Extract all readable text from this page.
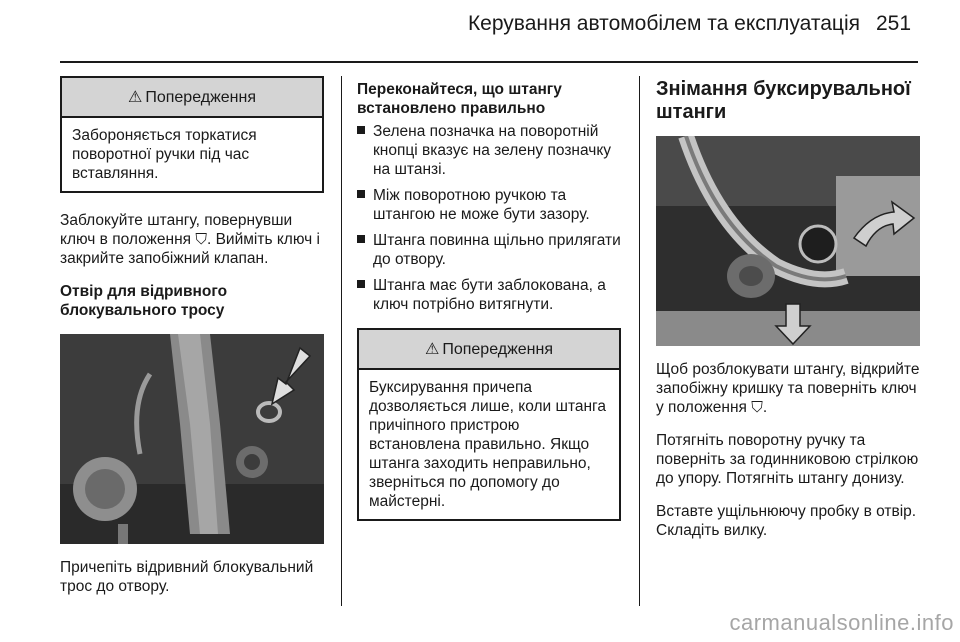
Керування автомобілем та експлуатація 251
⚠ Попередження
Забороняється торкатися поворотної ручки під час вставляння.

Заблокуйте штангу, повернувши ключ в положення ⛉. Вийміть ключ і закрийте запобіжний клапан.

Отвір для відривного блокувального тросу

Причепіть відривний блокувальний трос до отвору.

Переконайтеся, що штангу встановлено правильно
Зелена позначка на поворотній кнопці вказує на зелену позначку на штанзі.
Між поворотною ручкою та штангою не може бути зазору.
Штанга повинна щільно прилягати до отвору.
Штанга має бути заблокована, а ключ потрібно витягнути.
⚠ Попередження
Буксирування причепа дозволяється лише, коли штанга причіпного пристрою встановлена правильно. Якщо штанга заходить неправильно, зверніться по допомогу до майстерні.
Знімання буксирувальної штанги

Щоб розблокувати штангу, відкрийте запобіжну кришку та поверніть ключ у положення ⛉.

Потягніть поворотну ручку та поверніть за годинниковою стрілкою до упору. Потягніть штангу донизу.

Вставте ущільнюючу пробку в отвір. Складіть вилку.

carmanualsonline.info
